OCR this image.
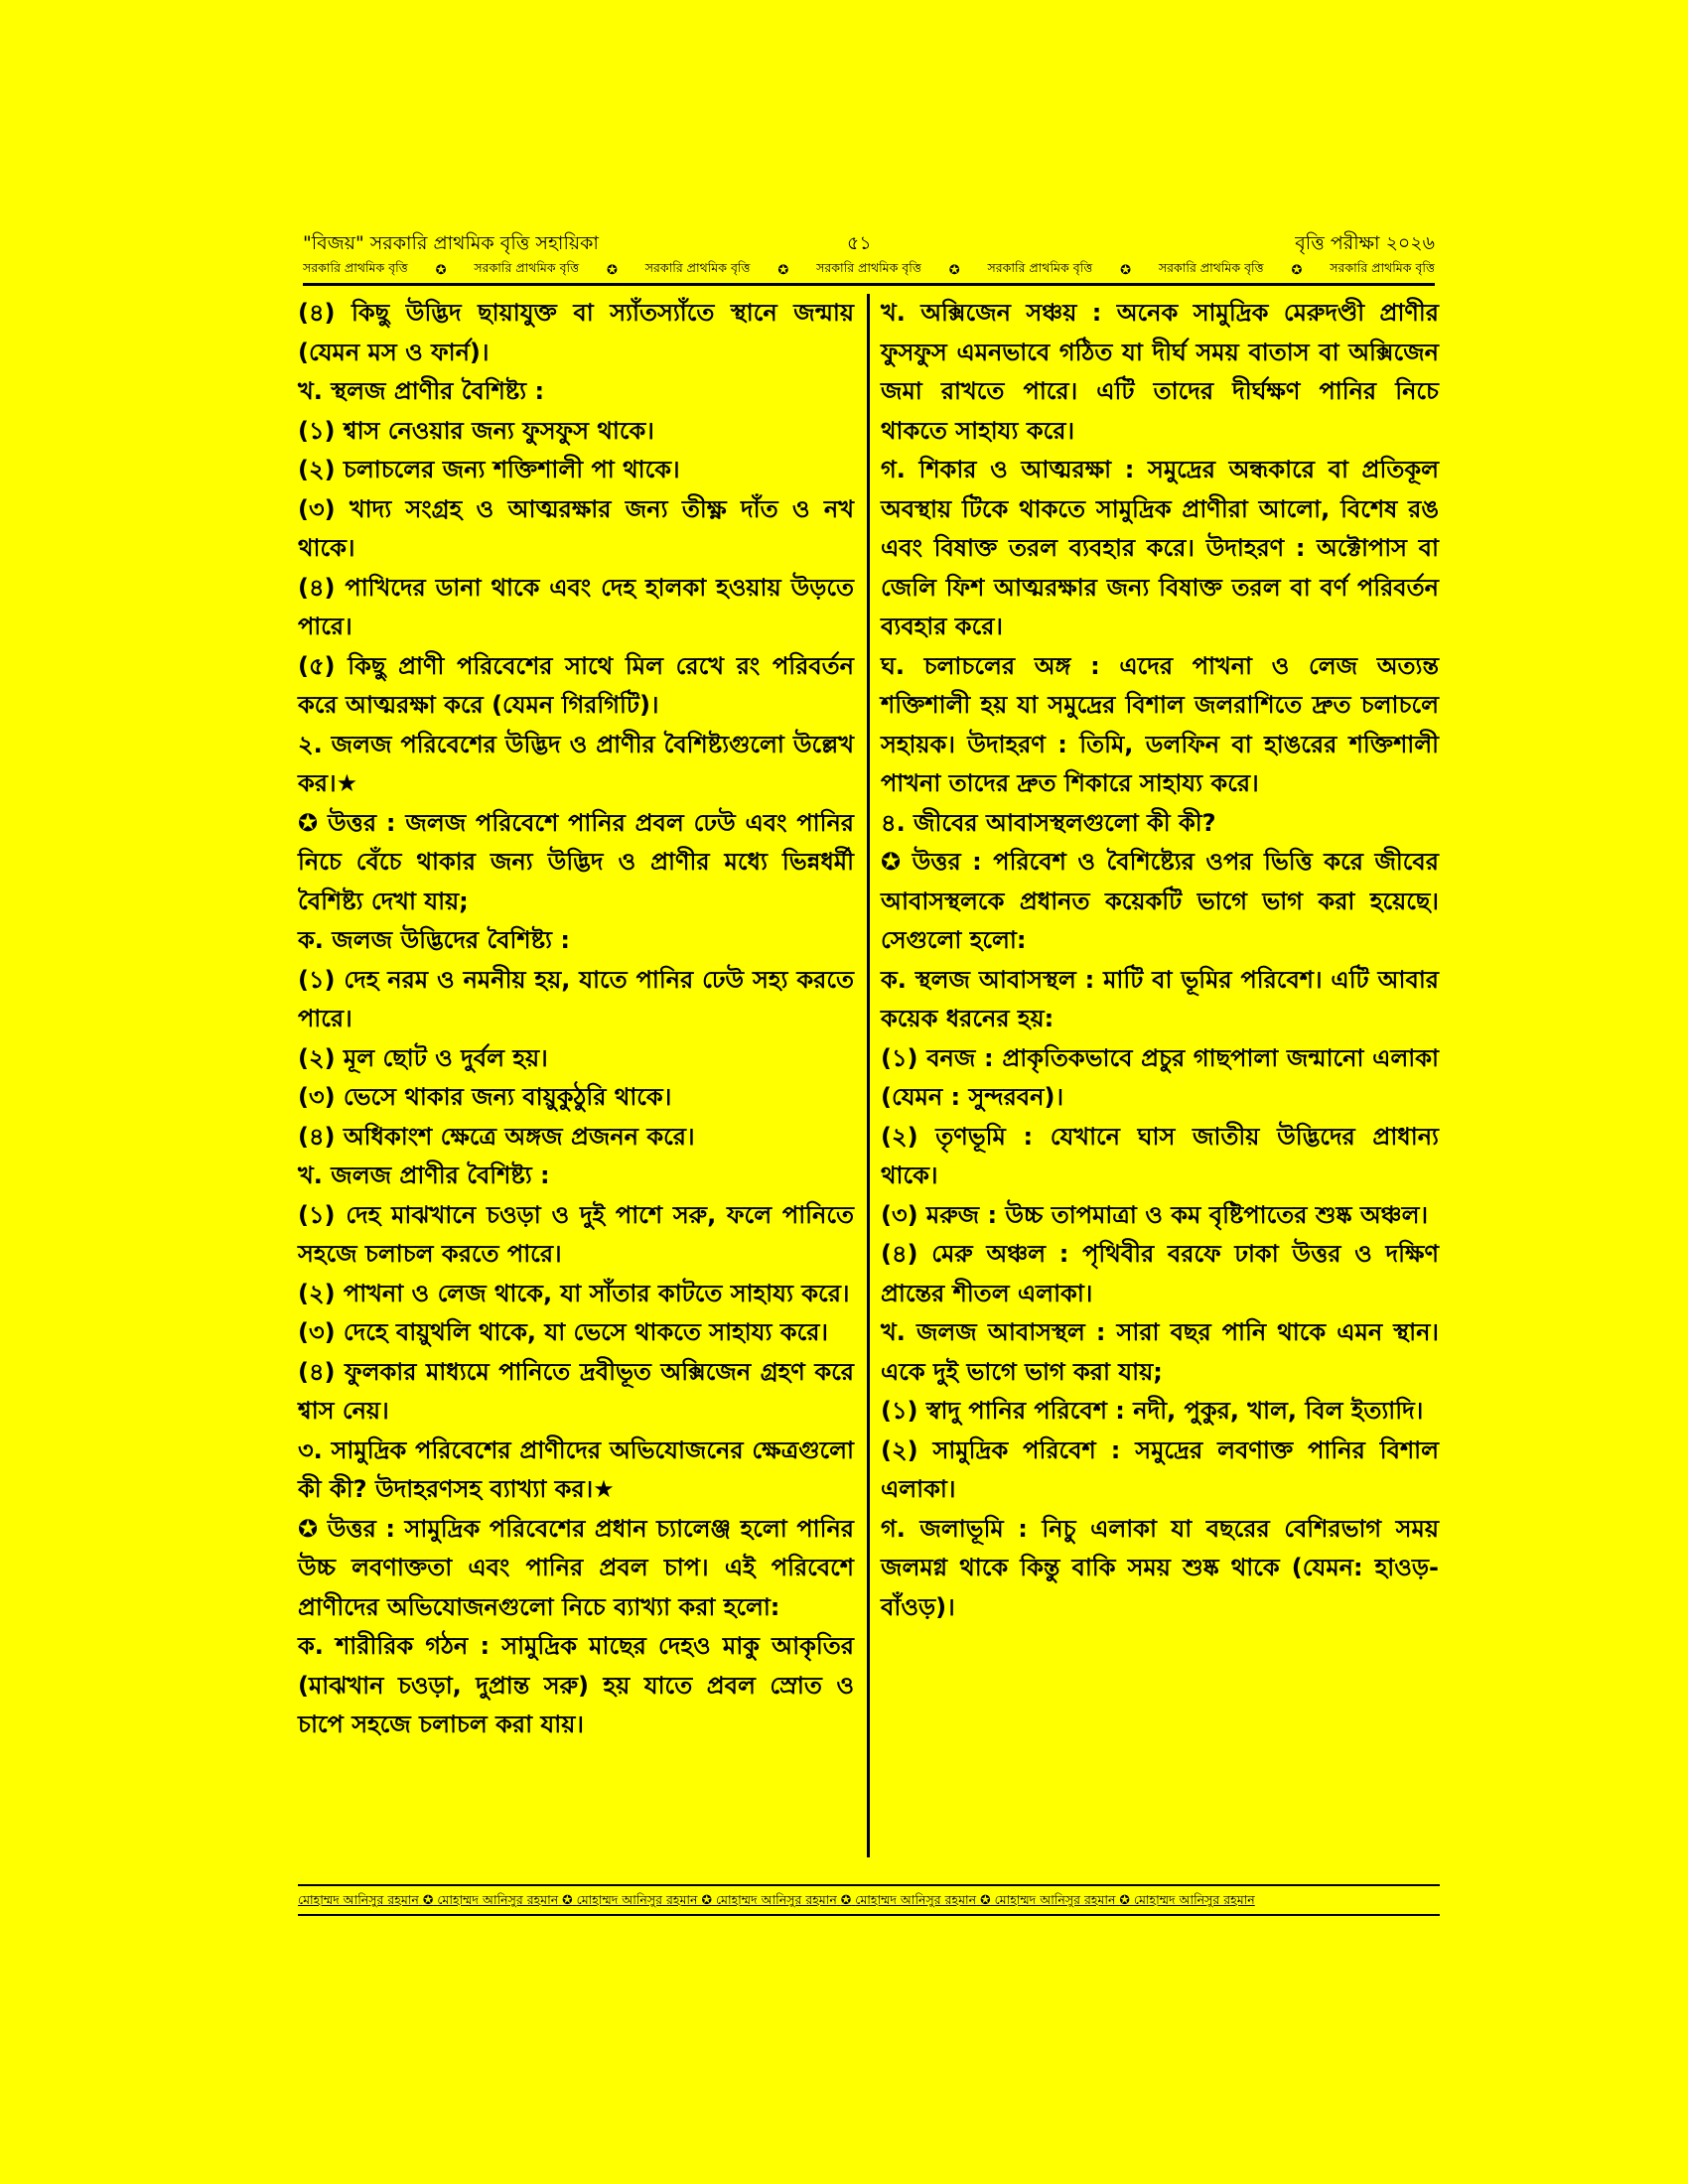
"বিজয়" সরকারি প্রাথমিক বৃত্তি সহায়িকা	৫১	বৃত্তি পরীক্ষা ২০২৬
সরকারি প্রাথমিক বৃত্তি ✪ সরকারি প্রাথমিক বৃত্তি ✪ সরকারি প্রাথমিক বৃত্তি ✪ সরকারি প্রাথমিক বৃত্তি ✪ সরকারি প্রাথমিক বৃত্তি ✪ সরকারি প্রাথমিক বৃত্তি ✪ সরকারি প্রাথমিক বৃত্তি

(৪) কিছু উদ্ভিদ ছায়াযুক্ত বা স্যাঁতস্যাঁতে স্থানে জন্মায় (যেমন মস ও ফার্ন)।

খ. স্থলজ প্রাণীর বৈশিষ্ট্য :

(১) শ্বাস নেওয়ার জন্য ফুসফুস থাকে।

(২) চলাচলের জন্য শক্তিশালী পা থাকে।

(৩) খাদ্য সংগ্রহ ও আত্মরক্ষার জন্য তীক্ষ্ণ দাঁত ও নখ থাকে।

(৪) পাখিদের ডানা থাকে এবং দেহ হালকা হওয়ায় উড়তে পারে।

(৫) কিছু প্রাণী পরিবেশের সাথে মিল রেখে রং পরিবর্তন করে আত্মরক্ষা করে (যেমন গিরগিটি)।

২. জলজ পরিবেশের উদ্ভিদ ও প্রাণীর বৈশিষ্ট্যগুলো উল্লেখ কর।★

✪ উত্তর : জলজ পরিবেশে পানির প্রবল ঢেউ এবং পানির নিচে বেঁচে থাকার জন্য উদ্ভিদ ও প্রাণীর মধ্যে ভিন্নধর্মী বৈশিষ্ট্য দেখা যায়;

ক. জলজ উদ্ভিদের বৈশিষ্ট্য :

(১) দেহ নরম ও নমনীয় হয়, যাতে পানির ঢেউ সহ্য করতে পারে।

(২) মূল ছোট ও দুর্বল হয়।

(৩) ভেসে থাকার জন্য বায়ুকুঠুরি থাকে।

(৪) অধিকাংশ ক্ষেত্রে অঙ্গজ প্রজনন করে।

খ. জলজ প্রাণীর বৈশিষ্ট্য :

(১) দেহ মাঝখানে চওড়া ও দুই পাশে সরু, ফলে পানিতে সহজে চলাচল করতে পারে।

(২) পাখনা ও লেজ থাকে, যা সাঁতার কাটতে সাহায্য করে।

(৩) দেহে বায়ুথলি থাকে, যা ভেসে থাকতে সাহায্য করে।

(৪) ফুলকার মাধ্যমে পানিতে দ্রবীভূত অক্সিজেন গ্রহণ করে শ্বাস নেয়।

৩. সামুদ্রিক পরিবেশের প্রাণীদের অভিযোজনের ক্ষেত্রগুলো কী কী? উদাহরণসহ ব্যাখ্যা কর।★

✪ উত্তর : সামুদ্রিক পরিবেশের প্রধান চ্যালেঞ্জ হলো পানির উচ্চ লবণাক্ততা এবং পানির প্রবল চাপ। এই পরিবেশে প্রাণীদের অভিযোজনগুলো নিচে ব্যাখ্যা করা হলো:

ক. শারীরিক গঠন : সামুদ্রিক মাছের দেহও মাকু আকৃতির (মাঝখান চওড়া, দুপ্রান্ত সরু) হয় যাতে প্রবল স্রোত ও চাপে সহজে চলাচল করা যায়।

খ. অক্সিজেন সঞ্চয় : অনেক সামুদ্রিক মেরুদণ্ডী প্রাণীর ফুসফুস এমনভাবে গঠিত যা দীর্ঘ সময় বাতাস বা অক্সিজেন জমা রাখতে পারে। এটি তাদের দীর্ঘক্ষণ পানির নিচে থাকতে সাহায্য করে।

গ. শিকার ও আত্মরক্ষা : সমুদ্রের অন্ধকারে বা প্রতিকূল অবস্থায় টিকে থাকতে সামুদ্রিক প্রাণীরা আলো, বিশেষ রঙ এবং বিষাক্ত তরল ব্যবহার করে। উদাহরণ : অক্টোপাস বা জেলি ফিশ আত্মরক্ষার জন্য বিষাক্ত তরল বা বর্ণ পরিবর্তন ব্যবহার করে।

ঘ. চলাচলের অঙ্গ : এদের পাখনা ও লেজ অত্যন্ত শক্তিশালী হয় যা সমুদ্রের বিশাল জলরাশিতে দ্রুত চলাচলে সহায়ক। উদাহরণ : তিমি, ডলফিন বা হাঙরের শক্তিশালী পাখনা তাদের দ্রুত শিকারে সাহায্য করে।

৪. জীবের আবাসস্থলগুলো কী কী?

✪ উত্তর : পরিবেশ ও বৈশিষ্ট্যের ওপর ভিত্তি করে জীবের আবাসস্থলকে প্রধানত কয়েকটি ভাগে ভাগ করা হয়েছে। সেগুলো হলো:

ক. স্থলজ আবাসস্থল : মাটি বা ভূমির পরিবেশ। এটি আবার কয়েক ধরনের হয়:

(১) বনজ : প্রাকৃতিকভাবে প্রচুর গাছপালা জন্মানো এলাকা (যেমন : সুন্দরবন)।

(২) তৃণভূমি : যেখানে ঘাস জাতীয় উদ্ভিদের প্রাধান্য থাকে।

(৩) মরুজ : উচ্চ তাপমাত্রা ও কম বৃষ্টিপাতের শুষ্ক অঞ্চল।

(৪) মেরু অঞ্চল : পৃথিবীর বরফে ঢাকা উত্তর ও দক্ষিণ প্রান্তের শীতল এলাকা।

খ. জলজ আবাসস্থল : সারা বছর পানি থাকে এমন স্থান। একে দুই ভাগে ভাগ করা যায়;

(১) স্বাদু পানির পরিবেশ : নদী, পুকুর, খাল, বিল ইত্যাদি।

(২) সামুদ্রিক পরিবেশ : সমুদ্রের লবণাক্ত পানির বিশাল এলাকা।

গ. জলাভূমি : নিচু এলাকা যা বছরের বেশিরভাগ সময় জলমগ্ন থাকে কিন্তু বাকি সময় শুষ্ক থাকে (যেমন: হাওড়-বাঁওড়)।

মোহাম্মদ আনিসুর রহমান ✪ মোহাম্মদ আনিসুর রহমান ✪ মোহাম্মদ আনিসুর রহমান ✪ মোহাম্মদ আনিসুর রহমান ✪ মোহাম্মদ আনিসুর রহমান ✪ মোহাম্মদ আনিসুর রহমান ✪ মোহাম্মদ আনিসুর রহমান
